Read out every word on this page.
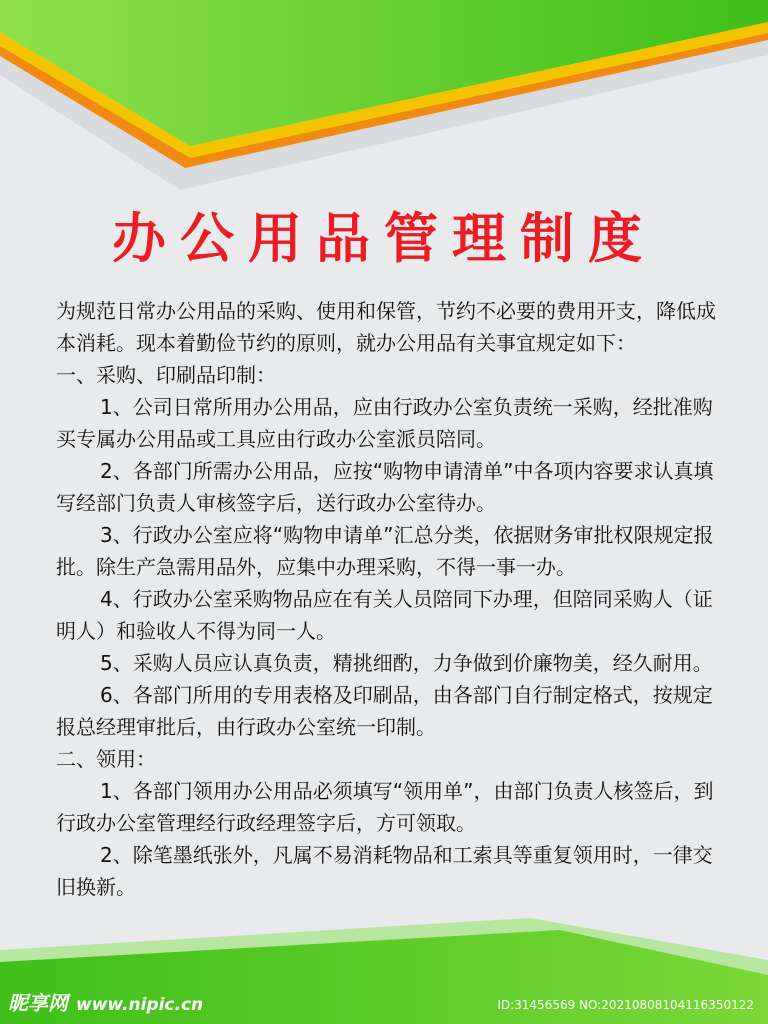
办公用品管理制度

为规范日常办公用品的采购、使用和保管，节约不必要的费用开支，降低成本消耗。现本着勤俭节约的原则，就办公用品有关事宜规定如下：

一、采购、印刷品印制：

1、公司日常所用办公用品，应由行政办公室负责统一采购，经批准购买专属办公用品或工具应由行政办公室派员陪同。

2、各部门所需办公用品，应按“购物申请清单”中各项内容要求认真填写经部门负责人审核签字后，送行政办公室待办。

3、行政办公室应将“购物申请单”汇总分类，依据财务审批权限规定报批。除生产急需用品外，应集中办理采购，不得一事一办。

4、行政办公室采购物品应在有关人员陪同下办理，但陪同采购人（证明人）和验收人不得为同一人。

5、采购人员应认真负责，精挑细酌，力争做到价廉物美，经久耐用。

6、各部门所用的专用表格及印刷品，由各部门自行制定格式，按规定报总经理审批后，由行政办公室统一印制。

二、领用：

1、各部门领用办公用品必须填写“领用单”，由部门负责人核签后，到行政办公室管理经行政经理签字后，方可领取。

2、除笔墨纸张外，凡属不易消耗物品和工索具等重复领用时，一律交旧换新。

昵享网 www.nipic.cn	ID:31456569 NO:20210808104116350122
